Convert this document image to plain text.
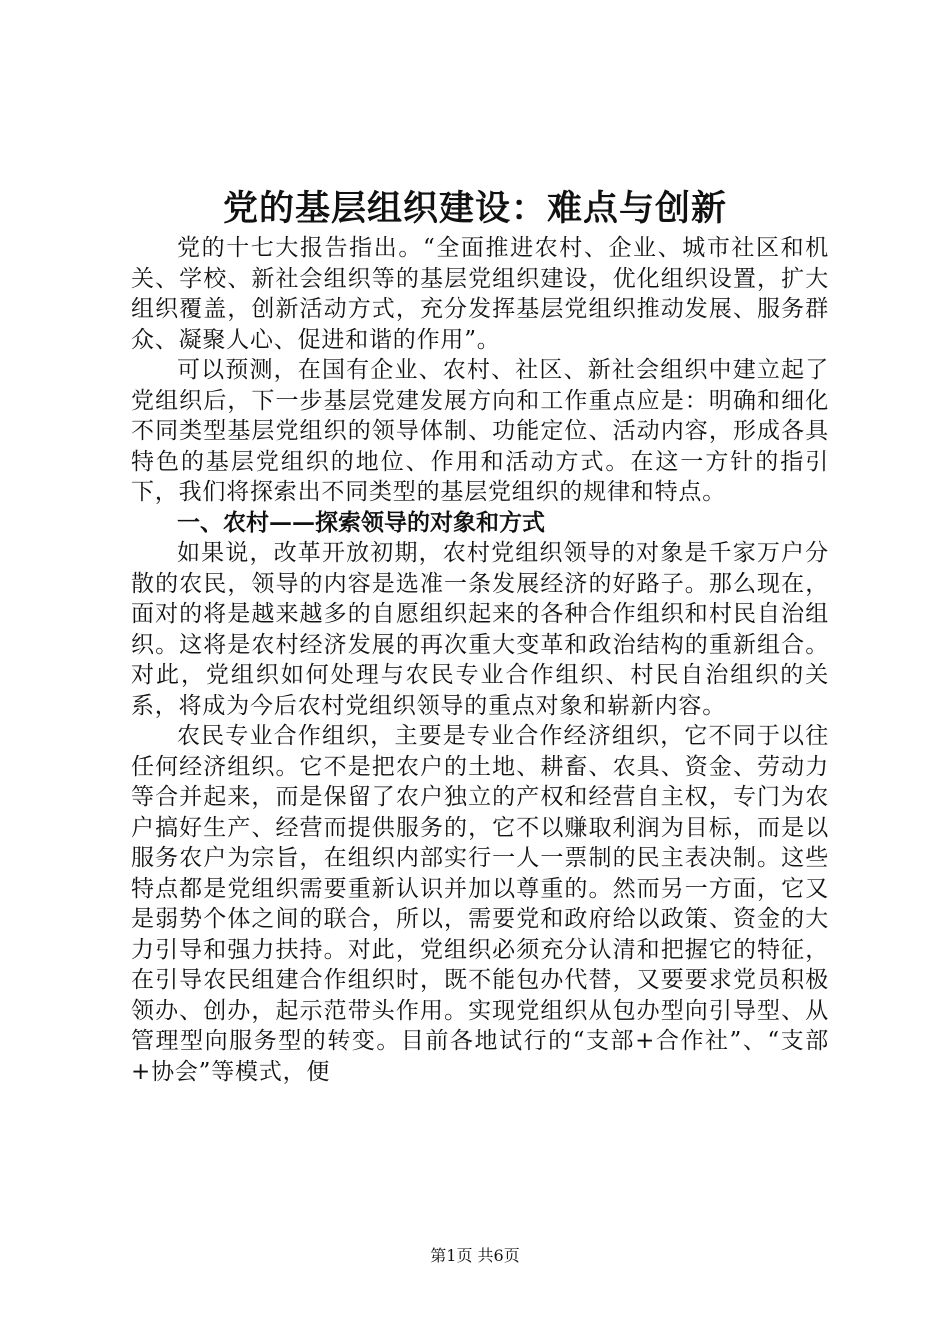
党的基层组织建设：难点与创新

党的十七大报告指出。“全面推进农村、企业、城市社区和机关、学校、新社会组织等的基层党组织建设，优化组织设置，扩大组织覆盖，创新活动方式，充分发挥基层党组织推动发展、服务群众、凝聚人心、促进和谐的作用”。

可以预测，在国有企业、农村、社区、新社会组织中建立起了党组织后，下一步基层党建发展方向和工作重点应是：明确和细化不同类型基层党组织的领导体制、功能定位、活动内容，形成各具特色的基层党组织的地位、作用和活动方式。在这一方针的指引下，我们将探索出不同类型的基层党组织的规律和特点。

一、农村——探索领导的对象和方式

如果说，改革开放初期，农村党组织领导的对象是千家万户分散的农民，领导的内容是选准一条发展经济的好路子。那么现在，面对的将是越来越多的自愿组织起来的各种合作组织和村民自治组织。这将是农村经济发展的再次重大变革和政治结构的重新组合。对此，党组织如何处理与农民专业合作组织、村民自治组织的关系，将成为今后农村党组织领导的重点对象和崭新内容。

农民专业合作组织，主要是专业合作经济组织，它不同于以往任何经济组织。它不是把农户的土地、耕畜、农具、资金、劳动力等合并起来，而是保留了农户独立的产权和经营自主权，专门为农户搞好生产、经营而提供服务的，它不以赚取利润为目标，而是以服务农户为宗旨，在组织内部实行一人一票制的民主表决制。这些特点都是党组织需要重新认识并加以尊重的。然而另一方面，它又是弱势个体之间的联合，所以，需要党和政府给以政策、资金的大力引导和强力扶持。对此，党组织必须充分认清和把握它的特征，在引导农民组建合作组织时，既不能包办代替，又要要求党员积极领办、创办，起示范带头作用。实现党组织从包办型向引导型、从管理型向服务型的转变。目前各地试行的“支部+合作社”、“支部+协会”等模式，便

第1页 共6页
